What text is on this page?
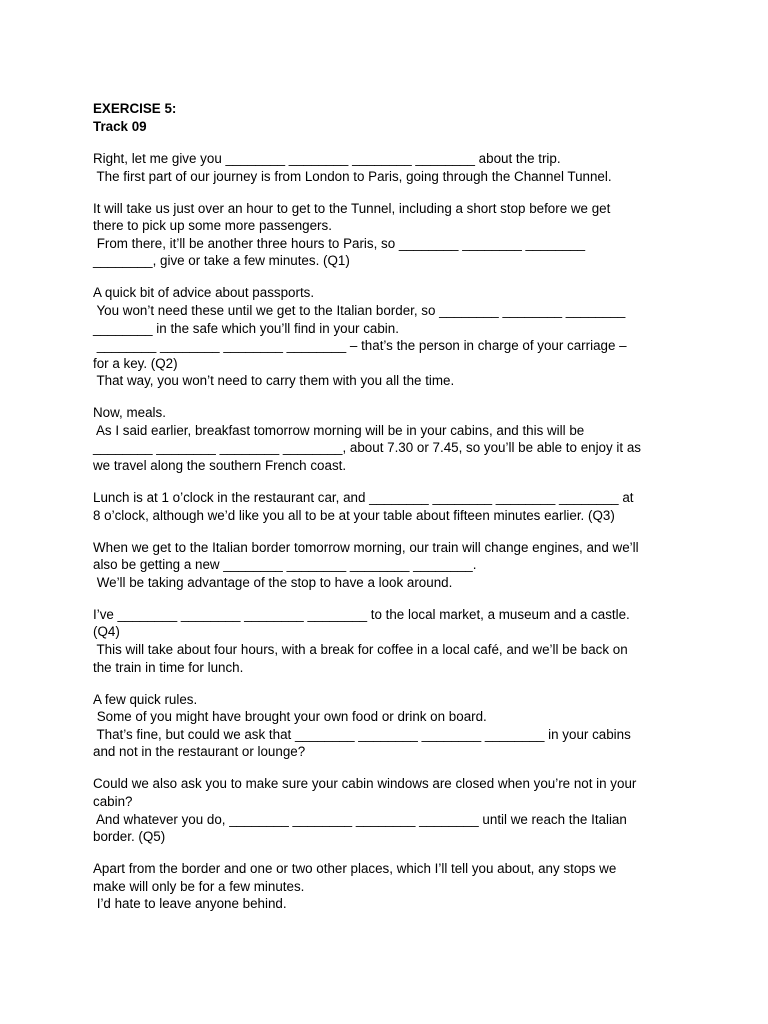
EXERCISE 5:

Track 09

Right, let me give you ________ ________ ________ ________ about the trip.
The first part of our journey is from London to Paris, going through the Channel Tunnel.
It will take us just over an hour to get to the Tunnel, including a short stop before we get
there to pick up some more passengers.
From there, it’ll be another three hours to Paris, so ________ ________ ________
________, give or take a few minutes. (Q1)
A quick bit of advice about passports.
You won’t need these until we get to the Italian border, so ________ ________ ________
________ in the safe which you’ll find in your cabin.
________ ________ ________ ________ – that’s the person in charge of your carriage –
for a key. (Q2)
That way, you won’t need to carry them with you all the time.
Now, meals.
As I said earlier, breakfast tomorrow morning will be in your cabins, and this will be
________ ________ ________ ________, about 7.30 or 7.45, so you’ll be able to enjoy it as
we travel along the southern French coast.
Lunch is at 1 o’clock in the restaurant car, and ________ ________ ________ ________ at
8 o’clock, although we’d like you all to be at your table about fifteen minutes earlier. (Q3)
When we get to the Italian border tomorrow morning, our train will change engines, and we’ll
also be getting a new ________ ________ ________ ________.
We’ll be taking advantage of the stop to have a look around.
I’ve ________ ________ ________ ________ to the local market, a museum and a castle.
(Q4)
This will take about four hours, with a break for coffee in a local café, and we’ll be back on
the train in time for lunch.
A few quick rules.
Some of you might have brought your own food or drink on board.
That’s fine, but could we ask that ________ ________ ________ ________ in your cabins
and not in the restaurant or lounge?
Could we also ask you to make sure your cabin windows are closed when you’re not in your
cabin?
And whatever you do, ________ ________ ________ ________ until we reach the Italian
border. (Q5)
Apart from the border and one or two other places, which I’ll tell you about, any stops we
make will only be for a few minutes.
I’d hate to leave anyone behind.
